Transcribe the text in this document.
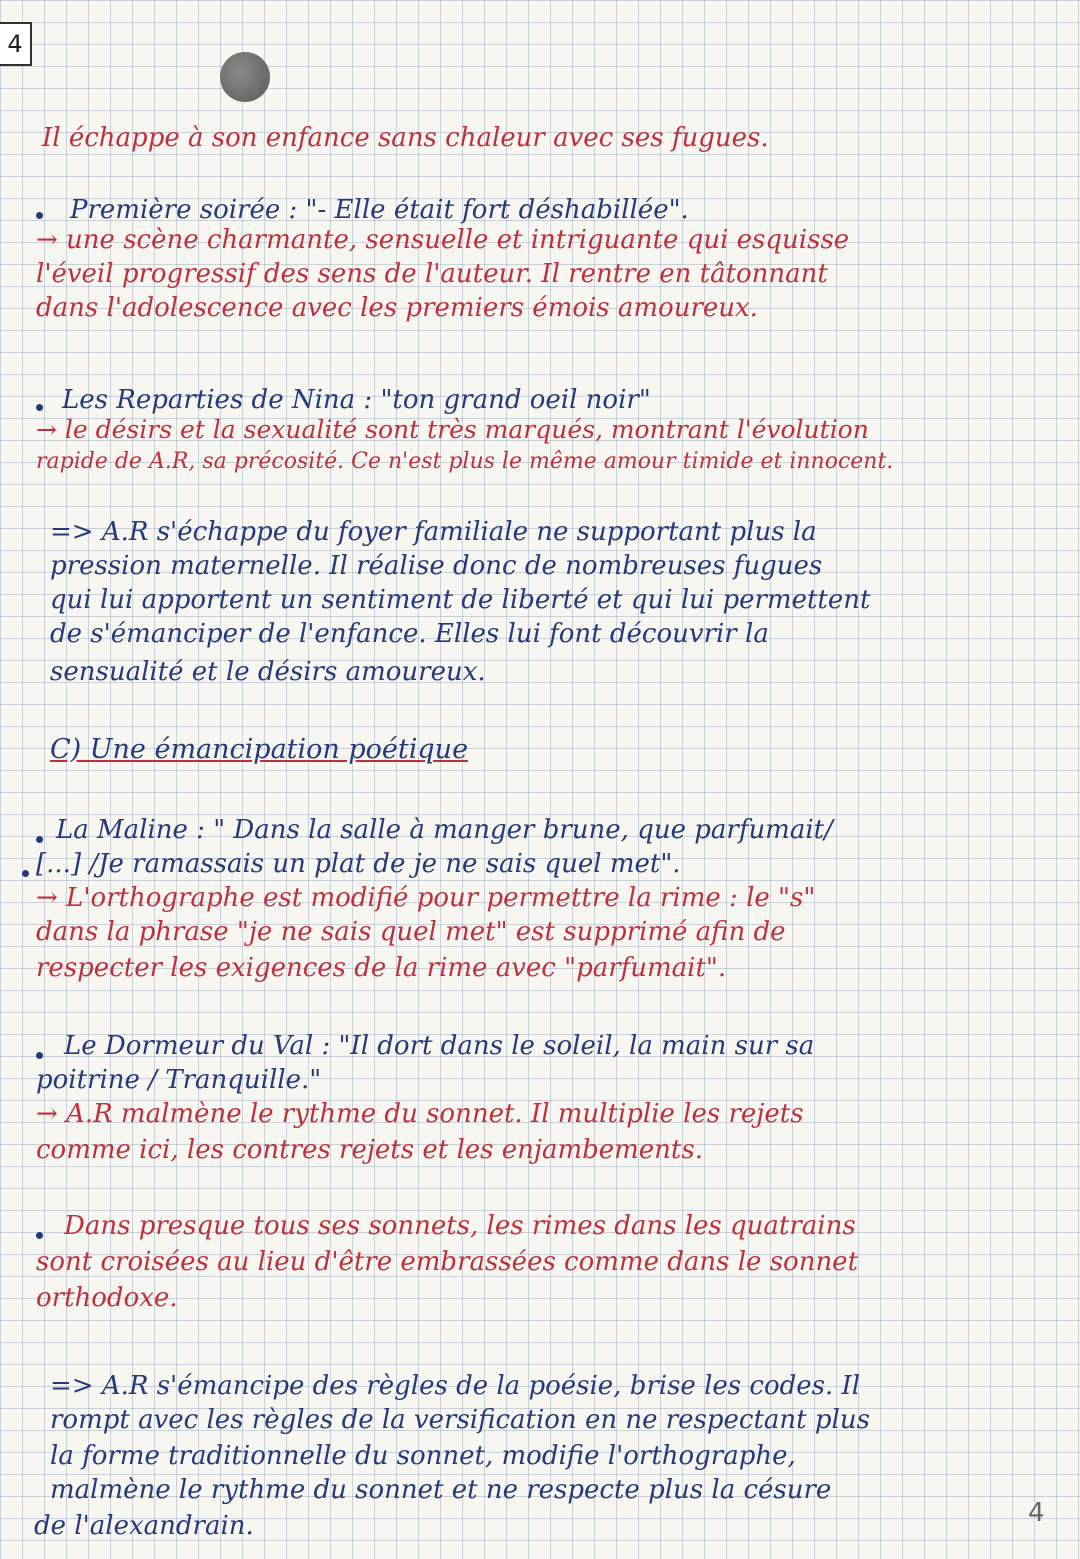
4
Il échappe à son enfance sans chaleur avec ses fugues.
Première soirée : "- Elle était fort déshabillée".
→ une scène charmante, sensuelle et intriguante qui esquisse
l'éveil progressif des sens de l'auteur. Il rentre en tâtonnant
dans l'adolescence avec les premiers émois amoureux.
Les Reparties de Nina : "ton grand oeil noir"
→ le désirs et la sexualité sont très marqués, montrant l'évolution
rapide de A.R, sa précosité. Ce n'est plus le même amour timide et innocent.
=> A.R s'échappe du foyer familiale ne supportant plus la
pression maternelle. Il réalise donc de nombreuses fugues
qui lui apportent un sentiment de liberté et qui lui permettent
de s'émanciper de l'enfance. Elles lui font découvrir la
sensualité et le désirs amoureux.
C) Une émancipation poétique
La Maline : " Dans la salle à manger brune, que parfumait/
[...] /Je ramassais un plat de je ne sais quel met".
→ L'orthographe est modifié pour permettre la rime : le "s"
dans la phrase "je ne sais quel met" est supprimé afin de
respecter les exigences de la rime avec "parfumait".
Le Dormeur du Val : "Il dort dans le soleil, la main sur sa
poitrine / Tranquille."
→ A.R malmène le rythme du sonnet. Il multiplie les rejets
comme ici, les contres rejets et les enjambements.
Dans presque tous ses sonnets, les rimes dans les quatrains
sont croisées au lieu d'être embrassées comme dans le sonnet
orthodoxe.
=> A.R s'émancipe des règles de la poésie, brise les codes. Il
rompt avec les règles de la versification en ne respectant plus
la forme traditionnelle du sonnet, modifie l'orthographe,
malmène le rythme du sonnet et ne respecte plus la césure
de l'alexandrain.	4
